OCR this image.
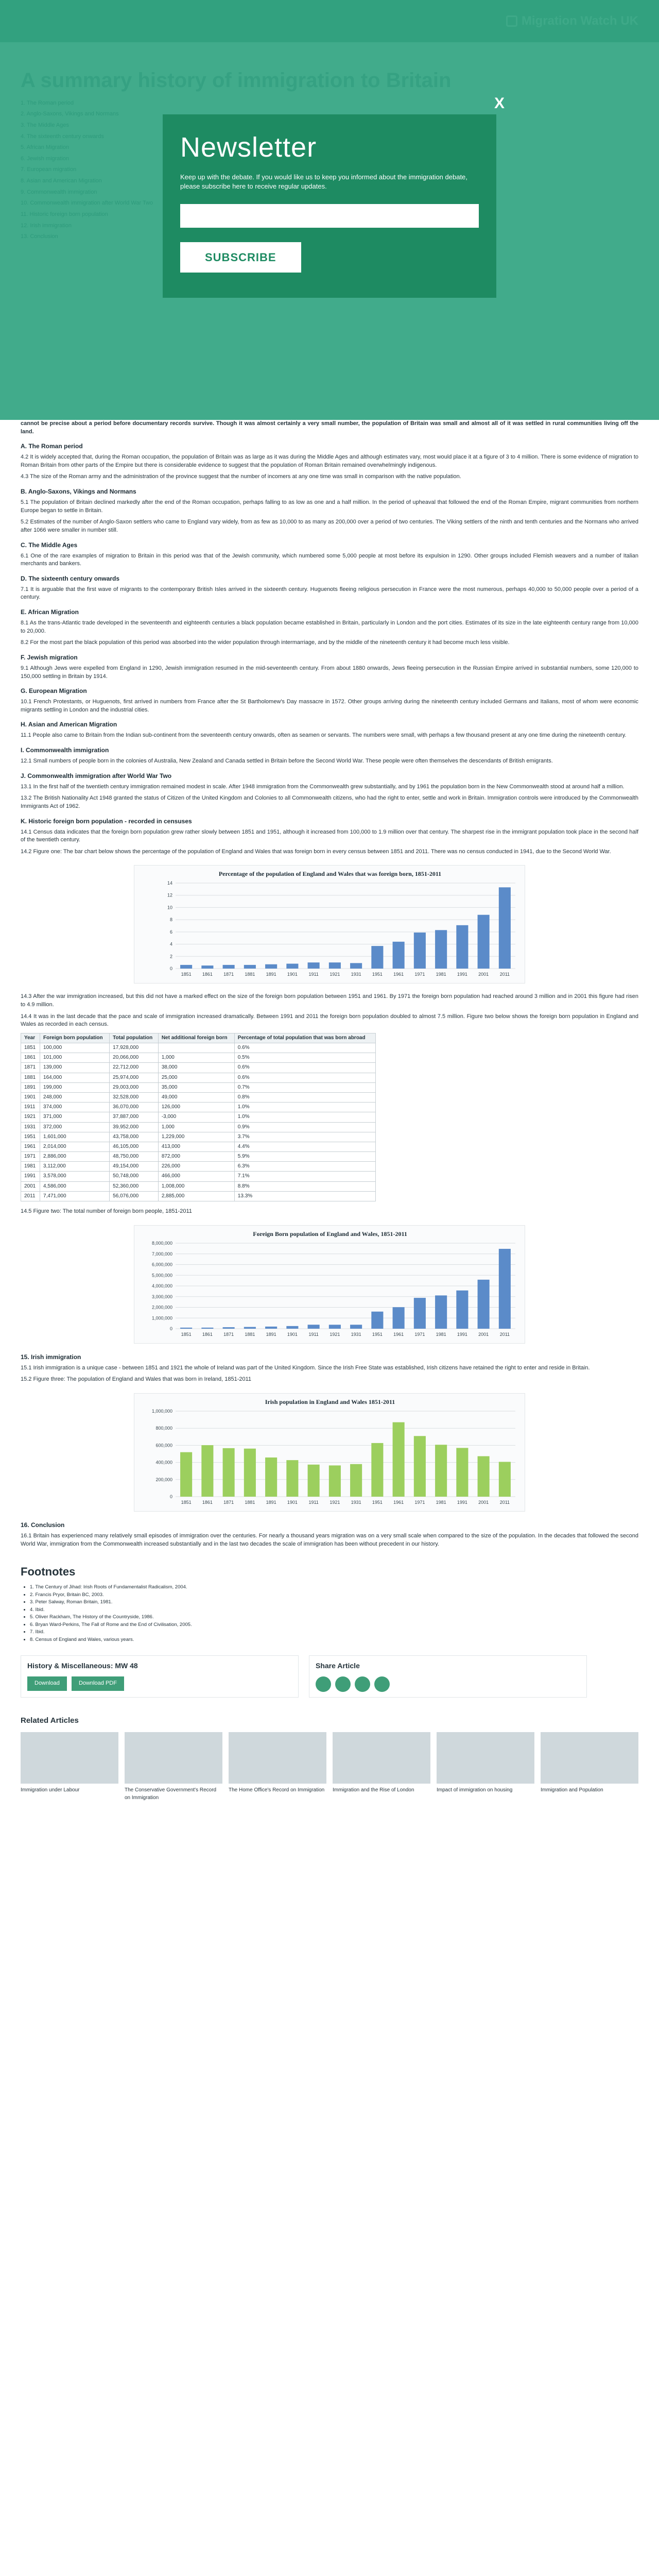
cannot be precise about a period before documentary records survive. Though it was almost certainly a very small number, the population of Britain was small and almost all of it was settled in rural communities living off the land.

A. The Roman period

4.2 It is widely accepted that, during the Roman occupation, the population of Britain was as large as it was during the Middle Ages and although estimates vary, most would place it at a figure of 3 to 4 million. There is some evidence of migration to Roman Britain from other parts of the Empire but there is considerable evidence to suggest that the population of Roman Britain remained overwhelmingly indigenous.

4.3 The size of the Roman army and the administration of the province suggest that the number of incomers at any one time was small in comparison with the native population.

B. Anglo-Saxons, Vikings and Normans

5.1 The population of Britain declined markedly after the end of the Roman occupation, perhaps falling to as low as one and a half million. In the period of upheaval that followed the end of the Roman Empire, migrant communities from northern Europe began to settle in Britain.

5.2 Estimates of the number of Anglo-Saxon settlers who came to England vary widely, from as few as 10,000 to as many as 200,000 over a period of two centuries. The Viking settlers of the ninth and tenth centuries and the Normans who arrived after 1066 were smaller in number still.

C. The Middle Ages

6.1 One of the rare examples of migration to Britain in this period was that of the Jewish community, which numbered some 5,000 people at most before its expulsion in 1290. Other groups included Flemish weavers and a number of Italian merchants and bankers.

D. The sixteenth century onwards

7.1 It is arguable that the first wave of migrants to the contemporary British Isles arrived in the sixteenth century. Huguenots fleeing religious persecution in France were the most numerous, perhaps 40,000 to 50,000 people over a period of a century.

E. African Migration

8.1 As the trans-Atlantic trade developed in the seventeenth and eighteenth centuries a black population became established in Britain, particularly in London and the port cities. Estimates of its size in the late eighteenth century range from 10,000 to 20,000.

8.2 For the most part the black population of this period was absorbed into the wider population through intermarriage, and by the middle of the nineteenth century it had become much less visible.

F. Jewish migration

9.1 Although Jews were expelled from England in 1290, Jewish immigration resumed in the mid-seventeenth century. From about 1880 onwards, Jews fleeing persecution in the Russian Empire arrived in substantial numbers, some 120,000 to 150,000 settling in Britain by 1914.

G. European Migration

10.1 French Protestants, or Huguenots, first arrived in numbers from France after the St Bartholomew's Day massacre in 1572. Other groups arriving during the nineteenth century included Germans and Italians, most of whom were economic migrants settling in London and the industrial cities.

H. Asian and American Migration

11.1 People also came to Britain from the Indian sub-continent from the seventeenth century onwards, often as seamen or servants. The numbers were small, with perhaps a few thousand present at any one time during the nineteenth century.

I. Commonwealth immigration

12.1 Small numbers of people born in the colonies of Australia, New Zealand and Canada settled in Britain before the Second World War. These people were often themselves the descendants of British emigrants.

J. Commonwealth immigration after World War Two

13.1 In the first half of the twentieth century immigration remained modest in scale. After 1948 immigration from the Commonwealth grew substantially, and by 1961 the population born in the New Commonwealth stood at around half a million.

13.2 The British Nationality Act 1948 granted the status of Citizen of the United Kingdom and Colonies to all Commonwealth citizens, who had the right to enter, settle and work in Britain. Immigration controls were introduced by the Commonwealth Immigrants Act of 1962.

K. Historic foreign born population - recorded in censuses

14.1 Census data indicates that the foreign born population grew rather slowly between 1851 and 1951, although it increased from 100,000 to 1.9 million over that century. The sharpest rise in the immigrant population took place in the second half of the twentieth century.

14.2 Figure one: The bar chart below shows the percentage of the population of England and Wales that was foreign born in every census between 1851 and 2011. There was no census conducted in 1941, due to the Second World War.

Percentage of the population of England and Wales that was foreign born, 1851-2011
0
2
4
6
8
10
12
14
1851 1861 1871 1881 1891 1901 1911 1921 1931 1951 1961 1971 1981 1991 2001 2011

14.3 After the war immigration increased, but this did not have a marked effect on the size of the foreign born population between 1951 and 1961. By 1971 the foreign born population had reached around 3 million and in 2001 this figure had risen to 4.9 million.

14.4 It was in the last decade that the pace and scale of immigration increased dramatically. Between 1991 and 2011 the foreign born population doubled to almost 7.5 million. Figure two below shows the foreign born population in England and Wales as recorded in each census.

Year	Foreign born population	Total population	Net additional foreign born	Percentage of total population that was born abroad
1851	100,000	17,928,000		0.6%
1861	101,000	20,066,000	1,000	0.5%
1871	139,000	22,712,000	38,000	0.6%
1881	164,000	25,974,000	25,000	0.6%
1891	199,000	29,003,000	35,000	0.7%
1901	248,000	32,528,000	49,000	0.8%
1911	374,000	36,070,000	126,000	1.0%
1921	371,000	37,887,000	-3,000	1.0%
1931	372,000	39,952,000	1,000	0.9%
1951	1,601,000	43,758,000	1,229,000	3.7%
1961	2,014,000	46,105,000	413,000	4.4%
1971	2,886,000	48,750,000	872,000	5.9%
1981	3,112,000	49,154,000	226,000	6.3%
1991	3,578,000	50,748,000	466,000	7.1%
2001	4,586,000	52,360,000	1,008,000	8.8%
2011	7,471,000	56,076,000	2,885,000	13.3%

14.5 Figure two: The total number of foreign born people, 1851-2011

Foreign Born population of England and Wales, 1851-2011
0
1,000,000
2,000,000
3,000,000
4,000,000
5,000,000
6,000,000
7,000,000
8,000,000
1851 1861 1871 1881 1891 1901 1911 1921 1931 1951 1961 1971 1981 1991 2001 2011
15. Irish immigration

15.1 Irish immigration is a unique case - between 1851 and 1921 the whole of Ireland was part of the United Kingdom. Since the Irish Free State was established, Irish citizens have retained the right to enter and reside in Britain.

15.2 Figure three: The population of England and Wales that was born in Ireland, 1851-2011

Irish population in England and Wales 1851-2011
0
200,000
400,000
600,000
800,000
1,000,000
1851 1861 1871 1881 1891 1901 1911 1921 1931 1951 1961 1971 1981 1991 2001 2011
16. Conclusion

16.1 Britain has experienced many relatively small episodes of immigration over the centuries. For nearly a thousand years migration was on a very small scale when compared to the size of the population. In the decades that followed the second World War, immigration from the Commonwealth increased substantially and in the last two decades the scale of immigration has been without precedent in our history.

Footnotes
• 1. The Century of Jihad: Irish Roots of Fundamentalist Radicalism, 2004.
• 2. Francis Pryor, Britain BC, 2003.
• 3. Peter Salway, Roman Britain, 1981.
• 4. Ibid.
• 5. Oliver Rackham, The History of the Countryside, 1986.
• 6. Bryan Ward-Perkins, The Fall of Rome and the End of Civilisation, 2005.
• 7. Ibid.
• 8. Census of England and Wales, various years.
History & Miscellaneous: MW 48
Download	Download PDF
Share Article
Related Articles
Immigration under Labour	The Conservative Government's Record on Immigration
The Home Office's Record on Immigration	Immigration and the Rise of London	Impact of immigration on housing	Immigration and Population
X
Newsletter
Keep up with the debate. If you would like us to keep you informed about the immigration debate, please subscribe here to receive regular updates.
SUBSCRIBE
